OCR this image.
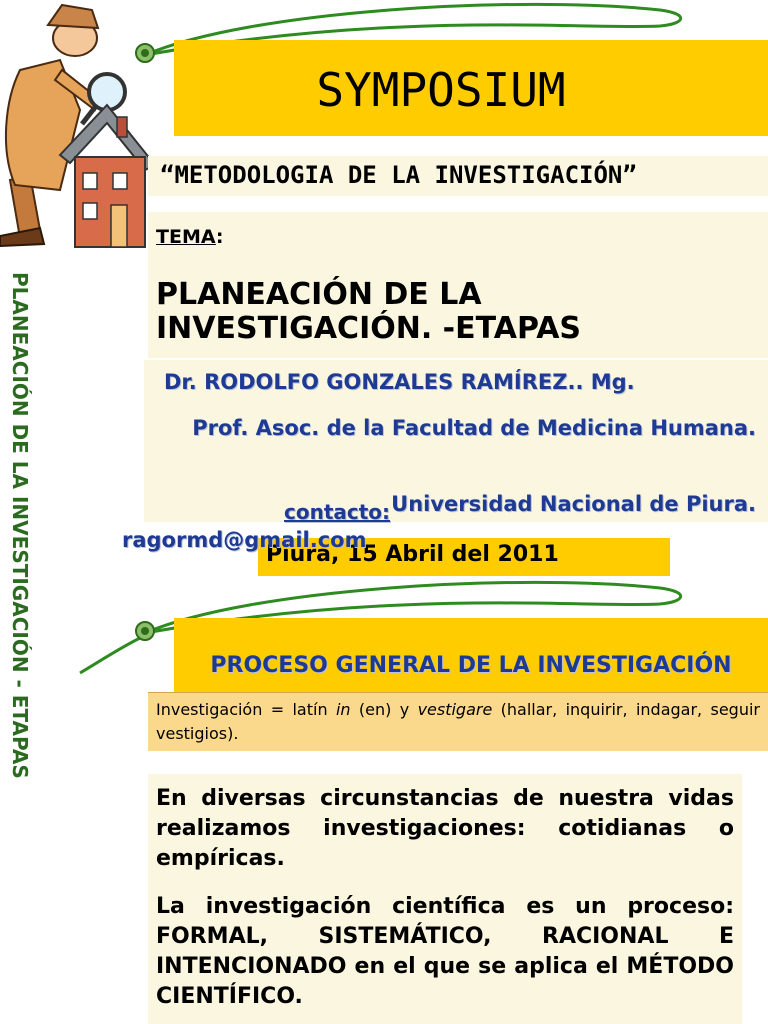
SYMPOSIUM
“METODOLOGIA DE LA INVESTIGACIÓN”
TEMA:
PLANEACIÓN DE LA
INVESTIGACIÓN. -ETAPAS
Dr. RODOLFO GONZALES RAMÍREZ.. Mg.
Prof. Asoc. de la Facultad de Medicina Humana.
Universidad Nacional de Piura.
Piura, 15 Abril del 2011
contacto:
ragormd@gmail.com
PLANEACIÓN DE LA INVESTIGACIÓN - ETAPAS	PROCESO GENERAL DE LA INVESTIGACIÓN
Investigación = latín in (en) y vestigare (hallar, inquirir, indagar, seguir vestigios).
En diversas circunstancias de nuestra vidas realizamos investigaciones: cotidianas o empíricas.
La investigación científica es un proceso: FORMAL, SISTEMÁTICO, RACIONAL E INTENCIONADO en el que se aplica el MÉTODO CIENTÍFICO.
